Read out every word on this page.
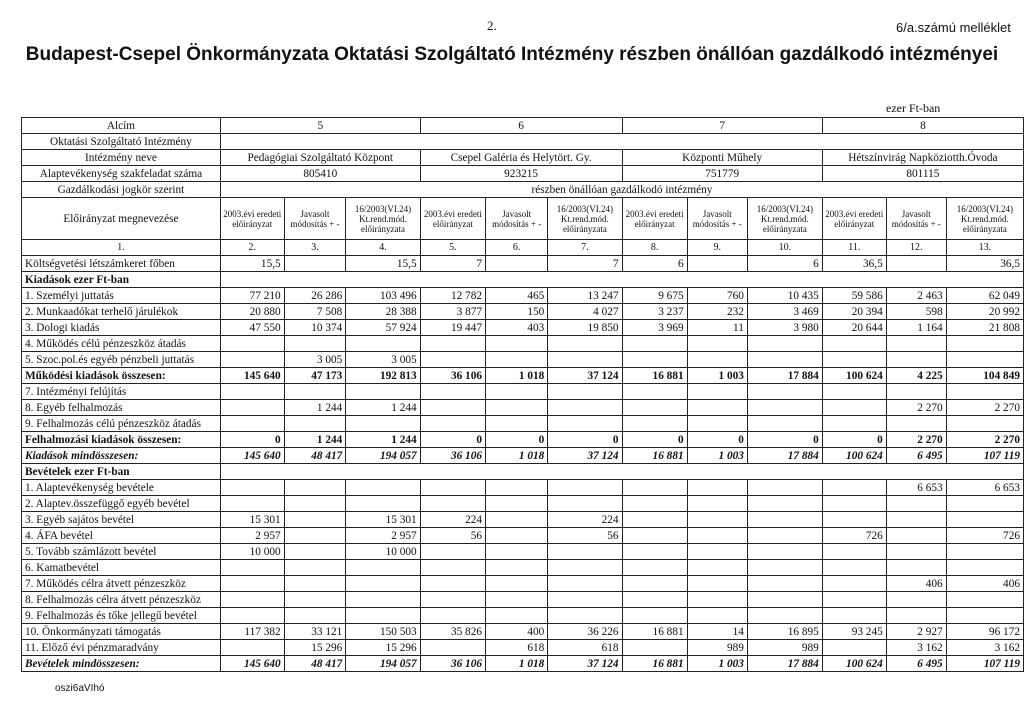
2.	6/a.számú melléklet
Budapest-Csepel Önkormányzata Oktatási Szolgáltató Intézmény részben önállóan gazdálkodó intézményei
ezer Ft-ban
Alcím	5			6			7			8		
Oktatási Szolgáltató Intézmény												
Intézmény neve	Pedagógiai Szolgáltató Központ			Csepel Galéria és Helytört. Gy.			Központi Műhely			Hétszínvirág Napköziotth.Óvoda		
Alaptevékenység szakfeladat száma	805410			923215			751779			801115		
Gazdálkodási jogkör szerint	részben önállóan gazdálkodó intézmény											
Előirányzat megnevezése	2003.évi eredeti előirányzat	Javasolt módosítás + -	16/2003(VI.24) Kt.rend.mód. előirányzata	2003.évi eredeti előirányzat	Javasolt módosítás + -	16/2003(VI.24) Kt.rend.mód. előirányzata	2003.évi eredeti előirányzat	Javasolt módosítás + -	16/2003(VI.24) Kt.rend.mód. előirányzata	2003.évi eredeti előirányzat	Javasolt módosítás + -	16/2003(VI.24) Kt.rend.mód. előirányzata
1.	2.	3.	4.	5.	6.	7.	8.	9.	10.	11.	12.	13.
Költségvetési létszámkeret főben	15,5		15,5	7		7	6		6	36,5		36,5
Kiadások ezer Ft-ban												
1. Személyi juttatás	77 210	26 286	103 496	12 782	465	13 247	9 675	760	10 435	59 586	2 463	62 049
2. Munkaadókat terhelő járulékok	20 880	7 508	28 388	3 877	150	4 027	3 237	232	3 469	20 394	598	20 992
3. Dologi kiadás	47 550	10 374	57 924	19 447	403	19 850	3 969	11	3 980	20 644	1 164	21 808
4. Működés célú pénzeszköz átadás												
5. Szoc.pol.és egyéb pénzbeli juttatás		3 005	3 005									
Működési kiadások összesen:	145 640	47 173	192 813	36 106	1 018	37 124	16 881	1 003	17 884	100 624	4 225	104 849
7. Intézményi felújítás												
8. Egyéb felhalmozás		1 244	1 244								2 270	2 270
9. Felhalmozás célú pénzeszköz átadás												
Felhalmozási kiadások összesen:	0	1 244	1 244	0	0	0	0	0	0	0	2 270	2 270
Kiadások mindösszesen:	145 640	48 417	194 057	36 106	1 018	37 124	16 881	1 003	17 884	100 624	6 495	107 119
Bevételek ezer Ft-ban												
1. Alaptevékenység bevétele											6 653	6 653
2. Alaptev.összefüggő egyéb bevétel												
3. Egyéb sajátos bevétel	15 301		15 301	224		224						
4. ÁFA bevétel	2 957		2 957	56		56				726		726
5. Tovább számlázott bevétel	10 000		10 000									
6. Kamatbevétel												
7. Működés célra átvett pénzeszköz											406	406
8. Felhalmozás célra átvett pénzeszköz												
9. Felhalmozás és tőke jellegű bevétel												
10. Önkormányzati támogatás	117 382	33 121	150 503	35 826	400	36 226	16 881	14	16 895	93 245	2 927	96 172
11. Előző évi pénzmaradvány		15 296	15 296		618	618		989	989		3 162	3 162
Bevételek mindösszesen:	145 640	48 417	194 057	36 106	1 018	37 124	16 881	1 003	17 884	100 624	6 495	107 119
oszi6aVIhó
